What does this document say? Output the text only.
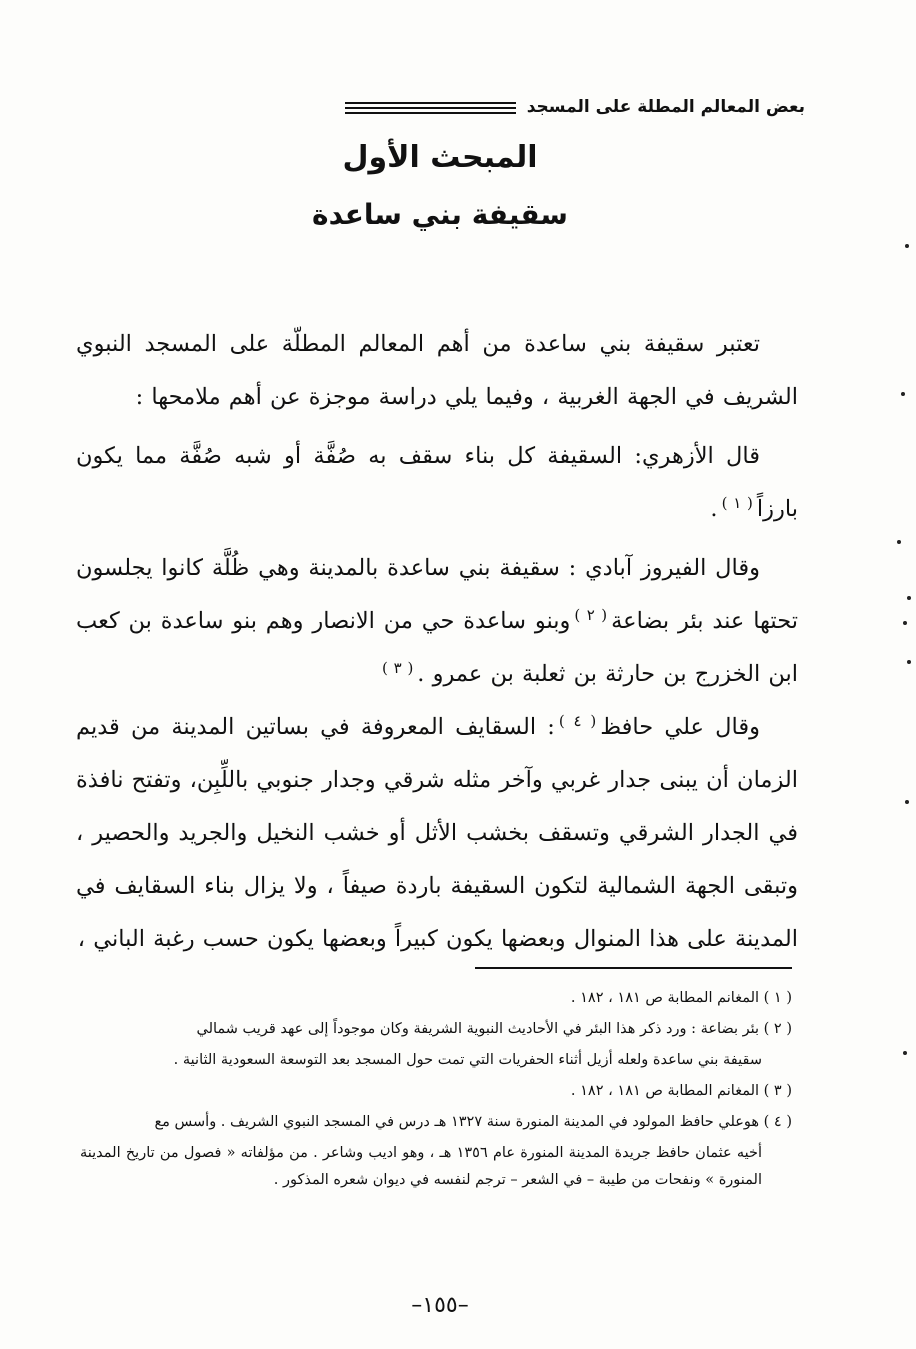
بعض المعالم المطلة على المسجد
المبحث الأول
سقيفة بني ساعدة

تعتبر سقيفة بني ساعدة من أهم المعالم المطلّة على المسجد النبوي الشريف في الجهة الغربية ، وفيما يلي دراسة موجزة عن أهم ملامحها :

قال الأزهري: السقيفة كل بناء سقف به صُفَّة أو شبه صُفَّة مما يكون بارزاً$^{( ١ )}$.

وقال الفيروز آبادي : سقيفة بني ساعدة بالمدينة وهي ظُلَّة كانوا يجلسون تحتها عند بئر بضاعة$^{( ٢ )}$وبنو ساعدة حي من الانصار وهم بنو ساعدة بن كعب ابن الخزرج بن حارثة بن ثعلبة بن عمرو .$^{( ٣ )}$

وقال علي حافظ$^{( ٤ )}$: السقايف المعروفة في بساتين المدينة من قديم الزمان أن يبنى جدار غربي وآخر مثله شرقي وجدار جنوبي باللِّبِن، وتفتح نافذة في الجدار الشرقي وتسقف بخشب الأثل أو خشب النخيل والجريد والحصير ، وتبقى الجهة الشمالية لتكون السقيفة باردة صيفاً ، ولا يزال بناء السقايف في المدينة على هذا المنوال وبعضها يكون كبيراً وبعضها يكون حسب رغبة الباني ،

( ١ ) المغانم المطابة ص ١٨١ ، ١٨٢ .

( ٢ ) بئر بضاعة : ورد ذكر هذا البئر في الأحاديث النبوية الشريفة وكان موجوداً إلى عهد قريب شمالي

سقيفة بني ساعدة ولعله أزيل أثناء الحفريات التي تمت حول المسجد بعد التوسعة السعودية الثانية .

( ٣ ) المغانم المطابة ص ١٨١ ، ١٨٢ .

( ٤ ) هوعلي حافظ المولود في المدينة المنورة سنة ١٣٢٧ هـ درس في المسجد النبوي الشريف . وأسس مع

أخيه عثمان حافظ جريدة المدينة المنورة عام ١٣٥٦ هـ ، وهو اديب وشاعر . من مؤلفاته « فصول من تاريخ المدينة المنورة » ونفحات من طيبة – في الشعر – ترجم لنفسه في ديوان شعره المذكور .

–١٥٥–
